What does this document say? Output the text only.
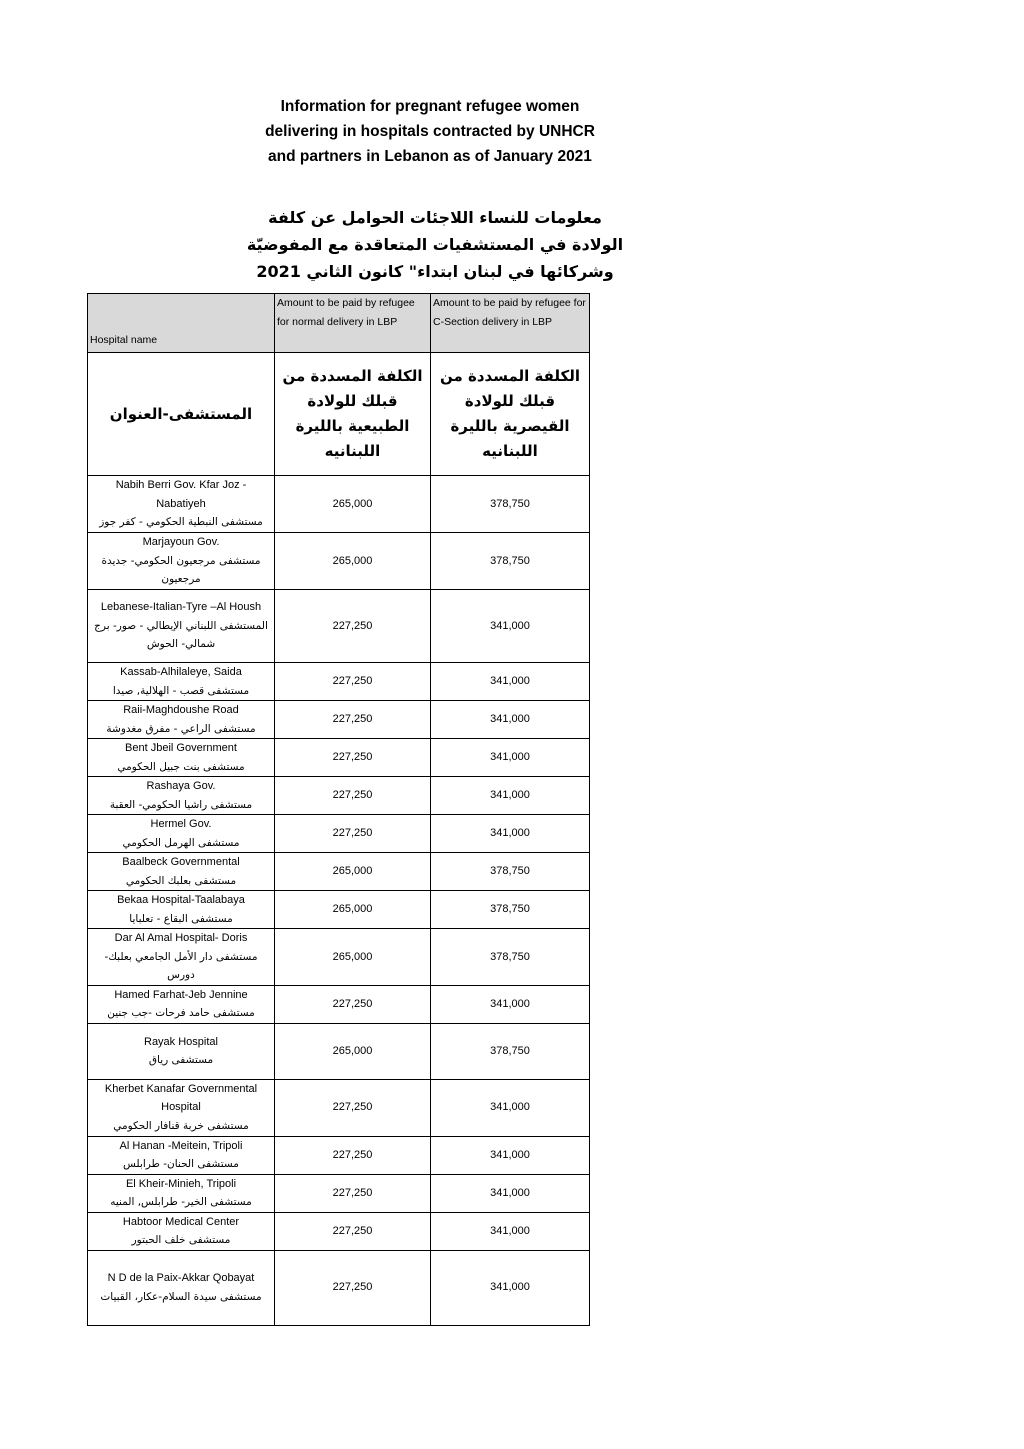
Information for pregnant refugee women delivering in hospitals contracted by UNHCR and partners in Lebanon as of January 2021
معلومات للنساء اللاجئات الحوامل عن كلفة الولادة في المستشفيات المتعاقدة مع المفوضيّة وشركائها في لبنان ابتداء" كانون الثاني 2021
Hospital name	Amount to be paid by refugee for normal delivery in LBP	Amount to be paid by refugee for C-Section delivery in LBP
المستشفى-العنوان	الكلفة المسددة من قبلك للولادة الطبيعية بالليرة اللبنانيه	الكلفة المسددة من قبلك للولادة القيصرية بالليرة اللبنانيه

Nabih Berri Gov. Kfar Joz - Nabatiyeh
مستشفى النبطية الحكومي - كفر جوز	265,000	378,750

Marjayoun Gov.
مستشفى مرجعيون الحكومي- جديدة مرجعيون	265,000	378,750

Lebanese-Italian-Tyre –Al Housh
المستشفى اللبناني الإيطالي - صور- برج شمالي- الحوش	227,250	341,000

Kassab-Alhilaleye, Saida
مستشفى قصب - الهلالية, صيدا	227,250	341,000

Raii-Maghdoushe Road
مستشفى الراعي - مفرق مغدوشة	227,250	341,000

Bent Jbeil Government
مستشفى بنت جبيل الحكومي	227,250	341,000

Rashaya Gov.
مستشفى راشيا الحكومي- العقبة	227,250	341,000

Hermel Gov.
مستشفى الهرمل الحكومي	227,250	341,000

Baalbeck Governmental
مستشفى بعلبك الحكومي	265,000	378,750

Bekaa Hospital-Taalabaya
مستشفى البقاع - تعلبايا	265,000	378,750

Dar Al Amal Hospital- Doris
مستشفى دار الأمل الجامعي بعلبك- دورس	265,000	378,750

Hamed Farhat-Jeb Jennine
مستشفى حامد فرحات -جب جنين	227,250	341,000

Rayak Hospital
مستشفى رياق	265,000	378,750

Kherbet Kanafar Governmental Hospital
مستشفى خربة قنافار الحكومي	227,250	341,000

Al Hanan -Meitein, Tripoli
مستشفى الحنان- طرابلس	227,250	341,000

El Kheir-Minieh, Tripoli
مستشفى الخير- طرابلس, المنيه	227,250	341,000

Habtoor Medical Center
مستشفى خلف الحبتور	227,250	341,000

N D de la Paix-Akkar Qobayat
مستشفى سيدة السلام-عكار، القبيات	227,250	341,000
